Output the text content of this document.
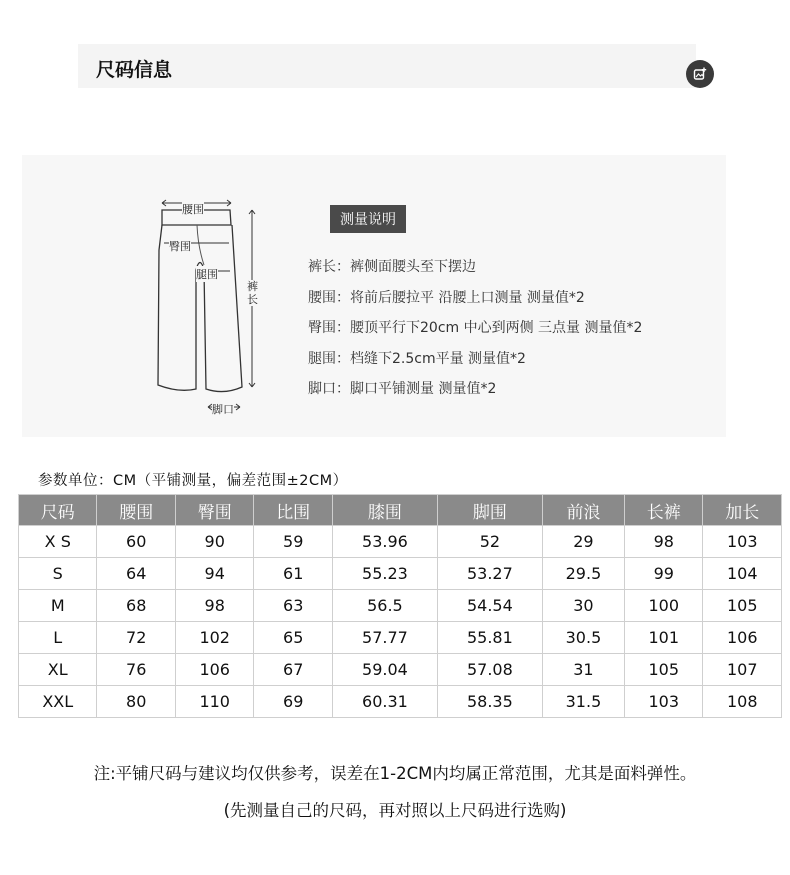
尺码信息
腰围
臀围
腿围
裤长
脚口
测量说明
裤长：裤侧面腰头至下摆边
腰围：将前后腰拉平 沿腰上口测量 测量值*2
臀围：腰顶平行下20cm 中心到两侧 三点量 测量值*2
腿围：档缝下2.5cm平量 测量值*2
脚口：脚口平铺测量 测量值*2
参数单位：CM（平铺测量，偏差范围±2CM）
尺码	腰围	臀围	比围	膝围	脚围	前浪	长裤	加长
X S	60	90	59	53.96	52	29	98	103
S	64	94	61	55.23	53.27	29.5	99	104
M	68	98	63	56.5	54.54	30	100	105
L	72	102	65	57.77	55.81	30.5	101	106
XL	76	106	67	59.04	57.08	31	105	107
XXL	80	110	69	60.31	58.35	31.5	103	108
注:平铺尺码与建议均仅供参考，误差在1-2CM内均属正常范围，尤其是面料弹性。
(先测量自己的尺码，再对照以上尺码进行选购)
